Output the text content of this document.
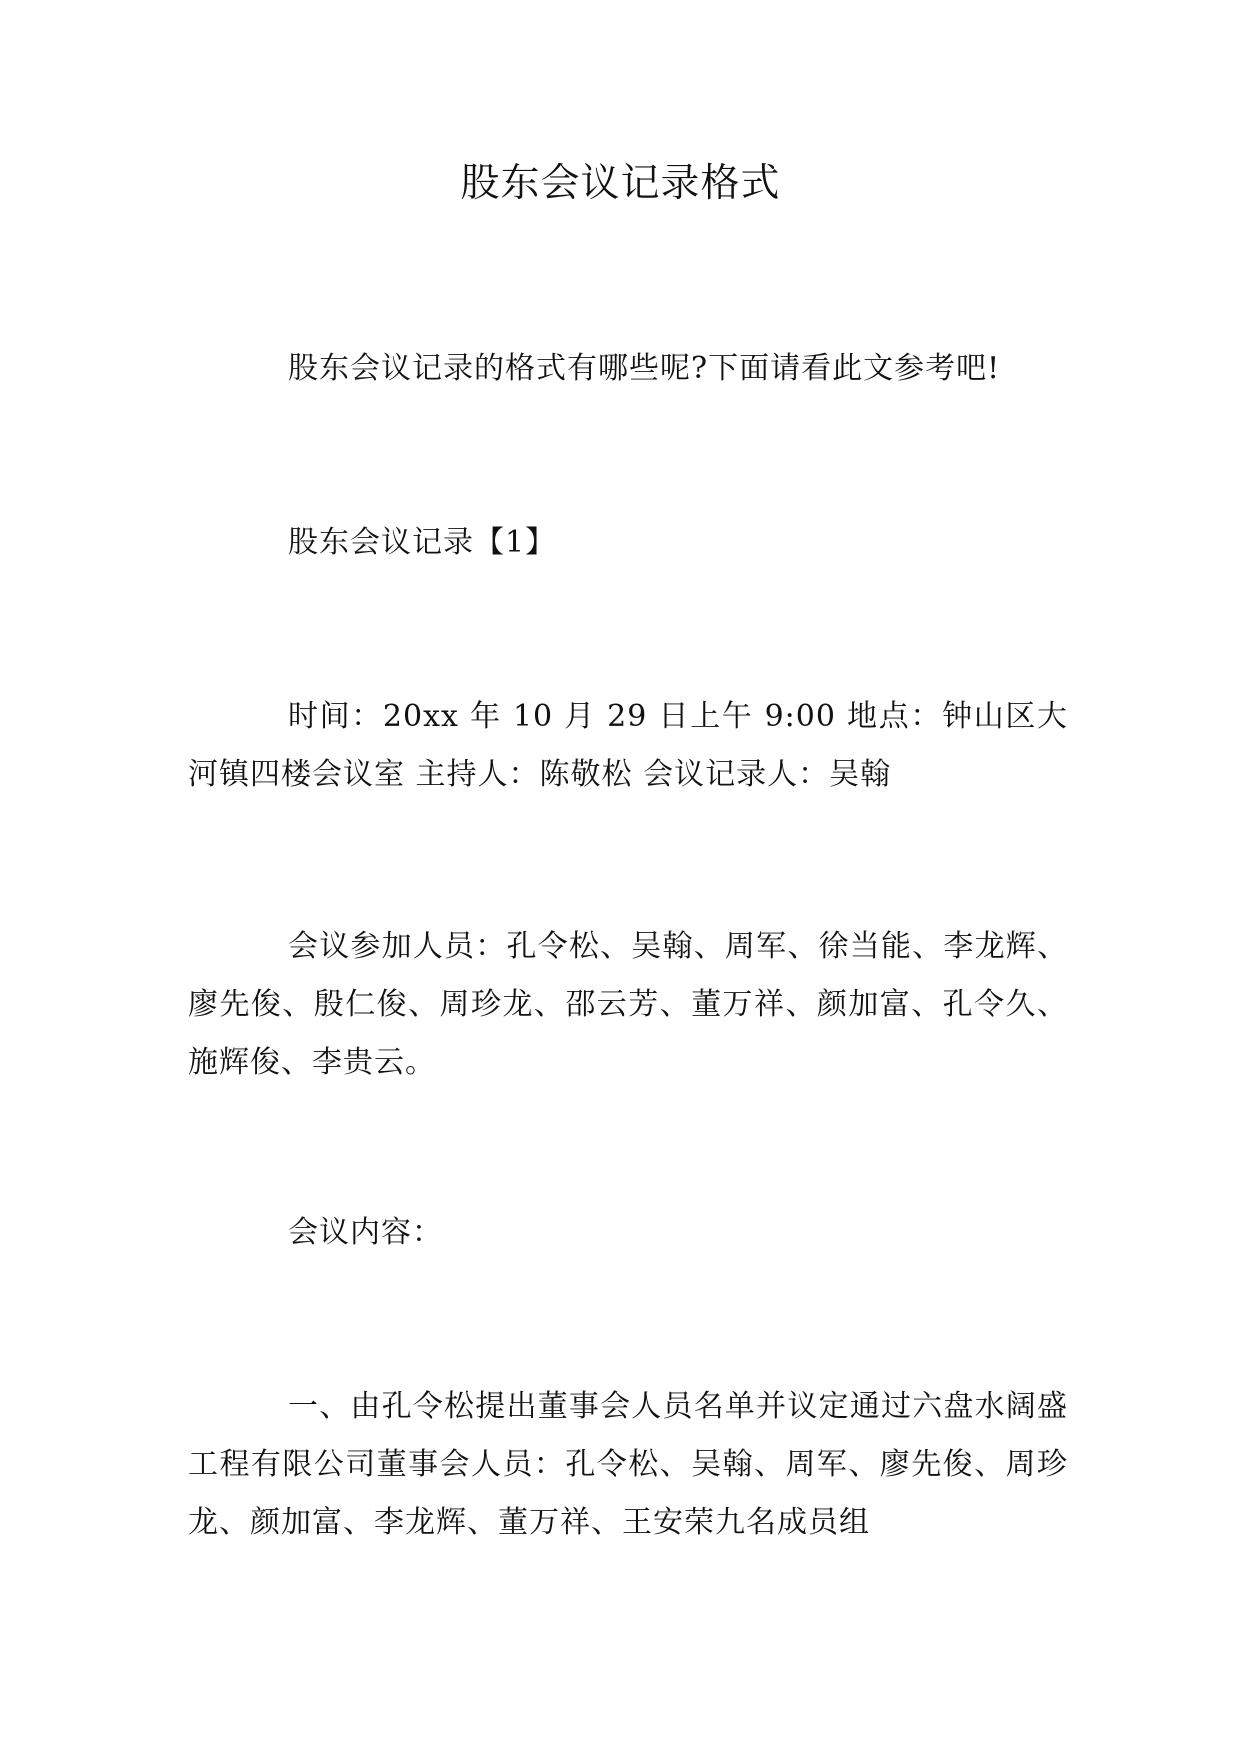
股东会议记录格式

股东会议记录的格式有哪些呢?下面请看此文参考吧!

股东会议记录【1】

时间：20xx 年 10 月 29 日上午 9:00 地点：钟山区大河镇四楼会议室 主持人：陈敬松 会议记录人：吴翰

会议参加人员：孔令松、吴翰、周军、徐当能、李龙辉、廖先俊、殷仁俊、周珍龙、邵云芳、董万祥、颜加富、孔令久、施辉俊、李贵云。

会议内容：

一、由孔令松提出董事会人员名单并议定通过六盘水阔盛工程有限公司董事会人员：孔令松、吴翰、周军、廖先俊、周珍龙、颜加富、李龙辉、董万祥、王安荣九名成员组
